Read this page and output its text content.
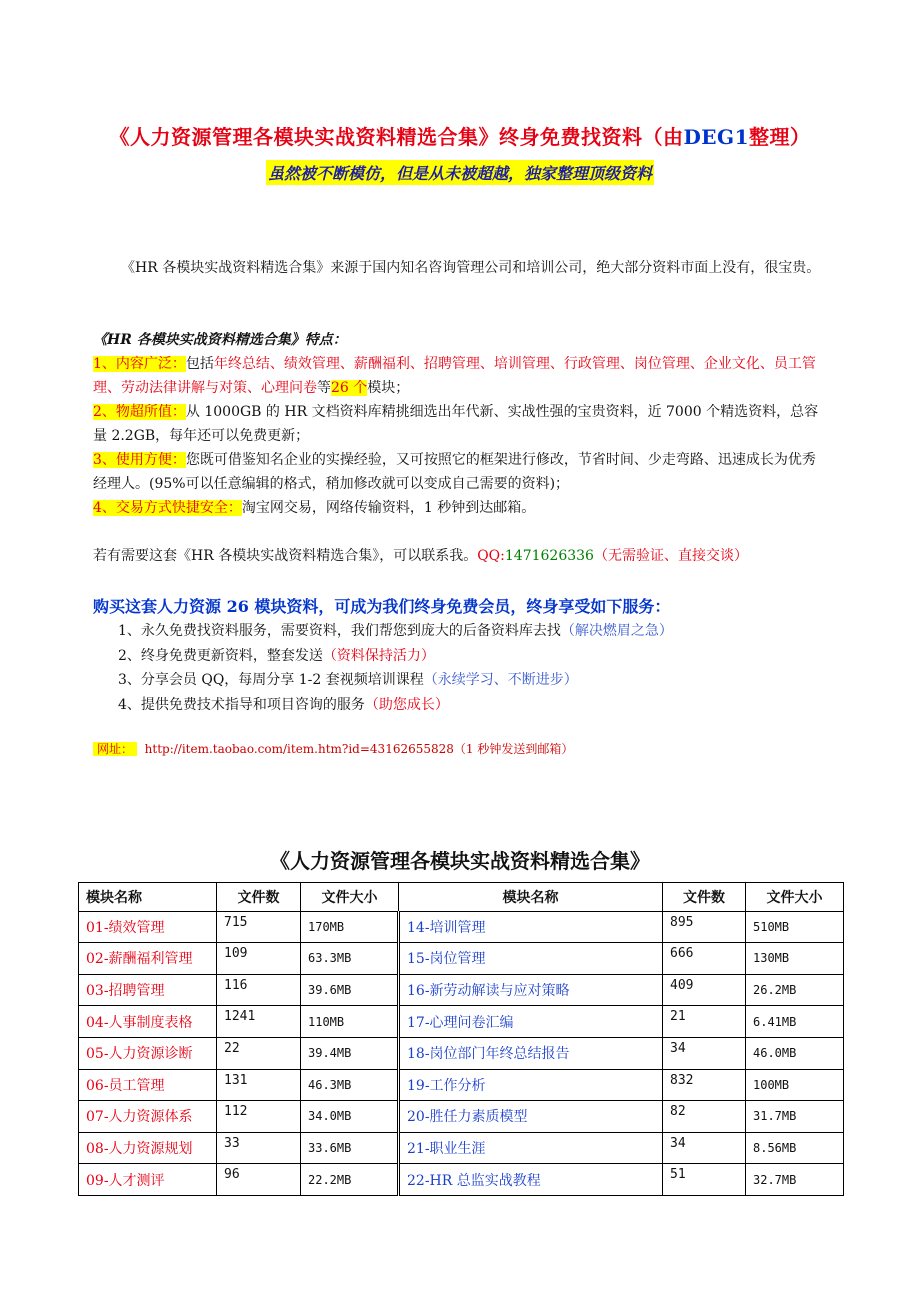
《人力资源管理各模块实战资料精选合集》终身免费找资料（由DEG1整理）
虽然被不断模仿，但是从未被超越，独家整理顶级资料
《HR 各模块实战资料精选合集》来源于国内知名咨询管理公司和培训公司，绝大部分资料市面上没有，很宝贵。
《HR 各模块实战资料精选合集》特点：
1、内容广泛：包括年终总结、绩效管理、薪酬福利、招聘管理、培训管理、行政管理、岗位管理、企业文化、员工管理、劳动法律讲解与对策、心理问卷等26 个模块；
2、物超所值：从 1000GB 的 HR 文档资料库精挑细选出年代新、实战性强的宝贵资料，近 7000 个精选资料，总容量 2.2GB，每年还可以免费更新；
3、使用方便：您既可借鉴知名企业的实操经验，又可按照它的框架进行修改，节省时间、少走弯路、迅速成长为优秀经理人。(95%可以任意编辑的格式，稍加修改就可以变成自己需要的资料)；
4、交易方式快捷安全：淘宝网交易，网络传输资料，1 秒钟到达邮箱。
若有需要这套《HR 各模块实战资料精选合集》，可以联系我。QQ:1471626336（无需验证、直接交谈）
购买这套人力资源 26 模块资料，可成为我们终身免费会员，终身享受如下服务：
1、永久免费找资料服务，需要资料，我们帮您到庞大的后备资料库去找（解决燃眉之急）
2、终身免费更新资料，整套发送（资料保持活力）
3、分享会员 QQ，每周分享 1-2 套视频培训课程（永续学习、不断进步）
4、提供免费技术指导和项目咨询的服务（助您成长）
网址： http://item.taobao.com/item.htm?id=43162655828（1 秒钟发送到邮箱）
《人力资源管理各模块实战资料精选合集》
模块名称	文件数	文件大小	模块名称	文件数	文件大小
01-绩效管理	715	170MB	14-培训管理	895	510MB
02-薪酬福利管理	109	63.3MB	15-岗位管理	666	130MB
03-招聘管理	116	39.6MB	16-新劳动解读与应对策略	409	26.2MB
04-人事制度表格	1241	110MB	17-心理问卷汇编	21	6.41MB
05-人力资源诊断	22	39.4MB	18-岗位部门年终总结报告	34	46.0MB
06-员工管理	131	46.3MB	19-工作分析	832	100MB
07-人力资源体系	112	34.0MB	20-胜任力素质模型	82	31.7MB
08-人力资源规划	33	33.6MB	21-职业生涯	34	8.56MB
09-人才测评	96	22.2MB	22-HR 总监实战教程	51	32.7MB
